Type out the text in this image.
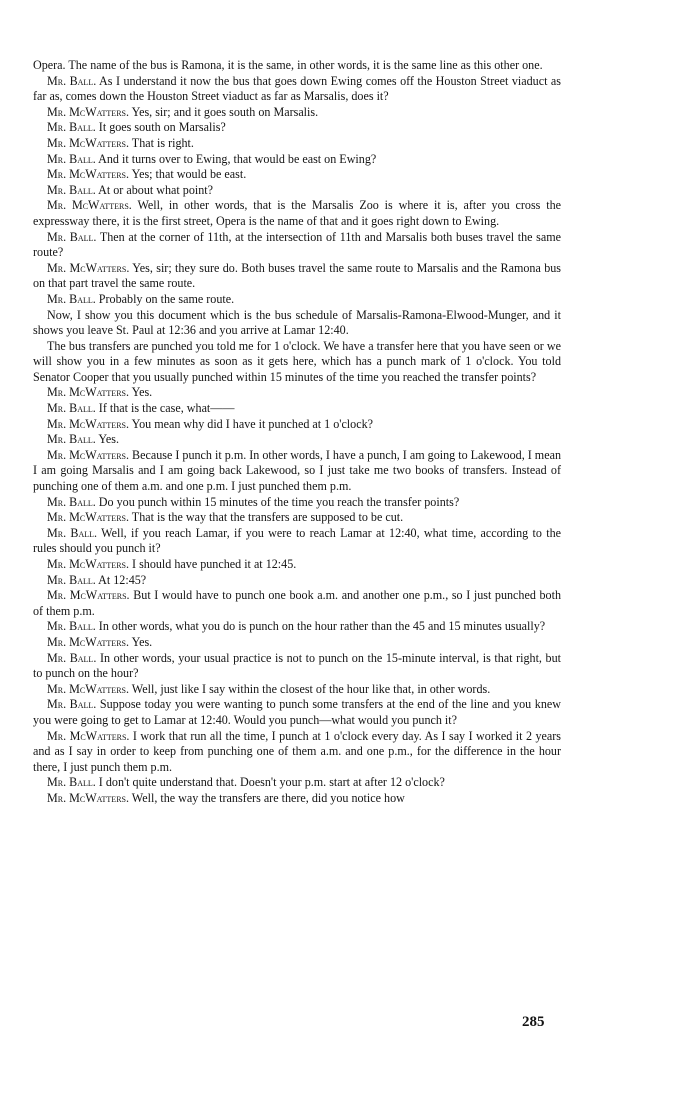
Opera. The name of the bus is Ramona, it is the same, in other words, it is the same line as this other one.

Mr. Ball. As I understand it now the bus that goes down Ewing comes off the Houston Street viaduct as far as, comes down the Houston Street viaduct as far as Marsalis, does it?

Mr. McWatters. Yes, sir; and it goes south on Marsalis.

Mr. Ball. It goes south on Marsalis?

Mr. McWatters. That is right.

Mr. Ball. And it turns over to Ewing, that would be east on Ewing?

Mr. McWatters. Yes; that would be east.

Mr. Ball. At or about what point?

Mr. McWatters. Well, in other words, that is the Marsalis Zoo is where it is, after you cross the expressway there, it is the first street, Opera is the name of that and it goes right down to Ewing.

Mr. Ball. Then at the corner of 11th, at the intersection of 11th and Marsalis both buses travel the same route?

Mr. McWatters. Yes, sir; they sure do. Both buses travel the same route to Marsalis and the Ramona bus on that part travel the same route.

Mr. Ball. Probably on the same route.

Now, I show you this document which is the bus schedule of Marsalis-Ramona-Elwood-Munger, and it shows you leave St. Paul at 12:36 and you arrive at Lamar 12:40.

The bus transfers are punched you told me for 1 o'clock. We have a transfer here that you have seen or we will show you in a few minutes as soon as it gets here, which has a punch mark of 1 o'clock. You told Senator Cooper that you usually punched within 15 minutes of the time you reached the transfer points?

Mr. McWatters. Yes.

Mr. Ball. If that is the case, what——

Mr. McWatters. You mean why did I have it punched at 1 o'clock?

Mr. Ball. Yes.

Mr. McWatters. Because I punch it p.m. In other words, I have a punch, I am going to Lakewood, I mean I am going Marsalis and I am going back Lakewood, so I just take me two books of transfers. Instead of punching one of them a.m. and one p.m. I just punched them p.m.

Mr. Ball. Do you punch within 15 minutes of the time you reach the transfer points?

Mr. McWatters. That is the way that the transfers are supposed to be cut.

Mr. Ball. Well, if you reach Lamar, if you were to reach Lamar at 12:40, what time, according to the rules should you punch it?

Mr. McWatters. I should have punched it at 12:45.

Mr. Ball. At 12:45?

Mr. McWatters. But I would have to punch one book a.m. and another one p.m., so I just punched both of them p.m.

Mr. Ball. In other words, what you do is punch on the hour rather than the 45 and 15 minutes usually?

Mr. McWatters. Yes.

Mr. Ball. In other words, your usual practice is not to punch on the 15-minute interval, is that right, but to punch on the hour?

Mr. McWatters. Well, just like I say within the closest of the hour like that, in other words.

Mr. Ball. Suppose today you were wanting to punch some transfers at the end of the line and you knew you were going to get to Lamar at 12:40. Would you punch—what would you punch it?

Mr. McWatters. I work that run all the time, I punch at 1 o'clock every day. As I say I worked it 2 years and as I say in order to keep from punching one of them a.m. and one p.m., for the difference in the hour there, I just punch them p.m.

Mr. Ball. I don't quite understand that. Doesn't your p.m. start at after 12 o'clock?

Mr. McWatters. Well, the way the transfers are there, did you notice how

285
